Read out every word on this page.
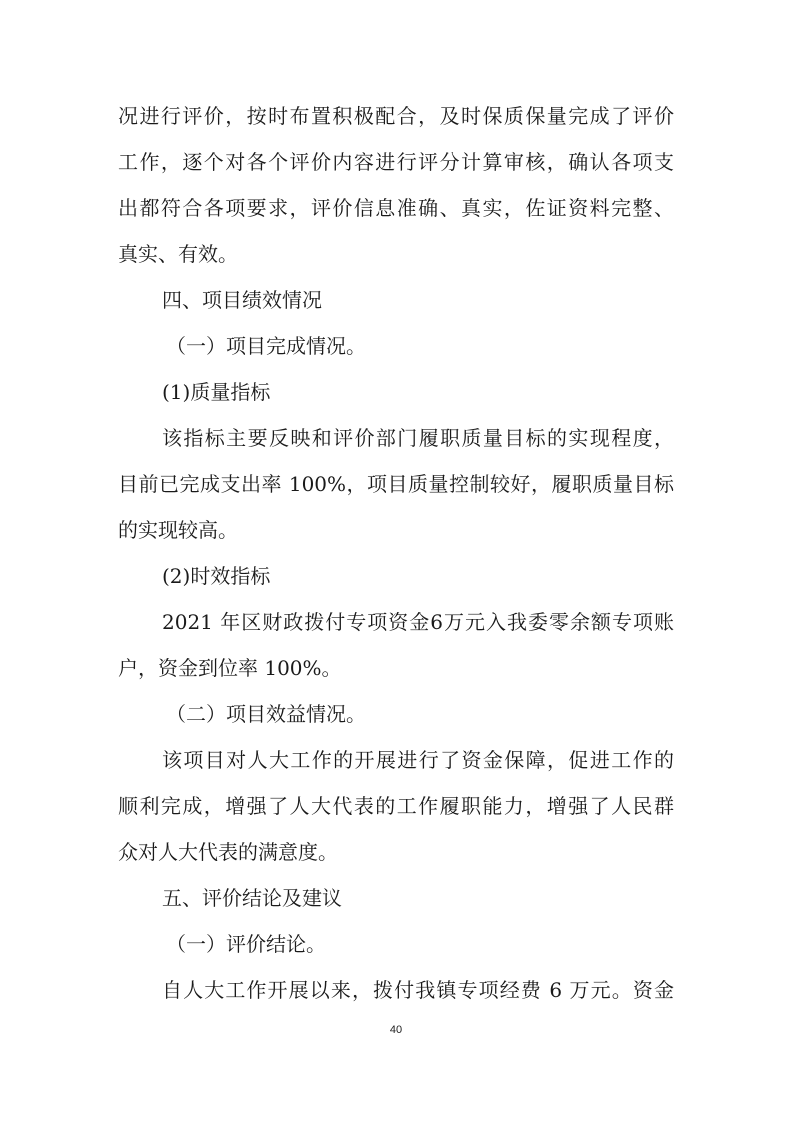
况进行评价，按时布置积极配合，及时保质保量完成了评价
工作，逐个对各个评价内容进行评分计算审核，确认各项支
出都符合各项要求，评价信息准确、真实，佐证资料完整、
真实、有效。
四、项目绩效情况
（一）项目完成情况。
(1)质量指标
该指标主要反映和评价部门履职质量目标的实现程度，
目前已完成支出率 100%，项目质量控制较好，履职质量目标
的实现较高。
(2)时效指标
2021 年区财政拨付专项资金6万元入我委零余额专项账
户，资金到位率 100%。
（二）项目效益情况。
该项目对人大工作的开展进行了资金保障，促进工作的
顺利完成，增强了人大代表的工作履职能力，增强了人民群
众对人大代表的满意度。
五、评价结论及建议
（一）评价结论。
自人大工作开展以来，拨付我镇专项经费 6 万元。资金
40
